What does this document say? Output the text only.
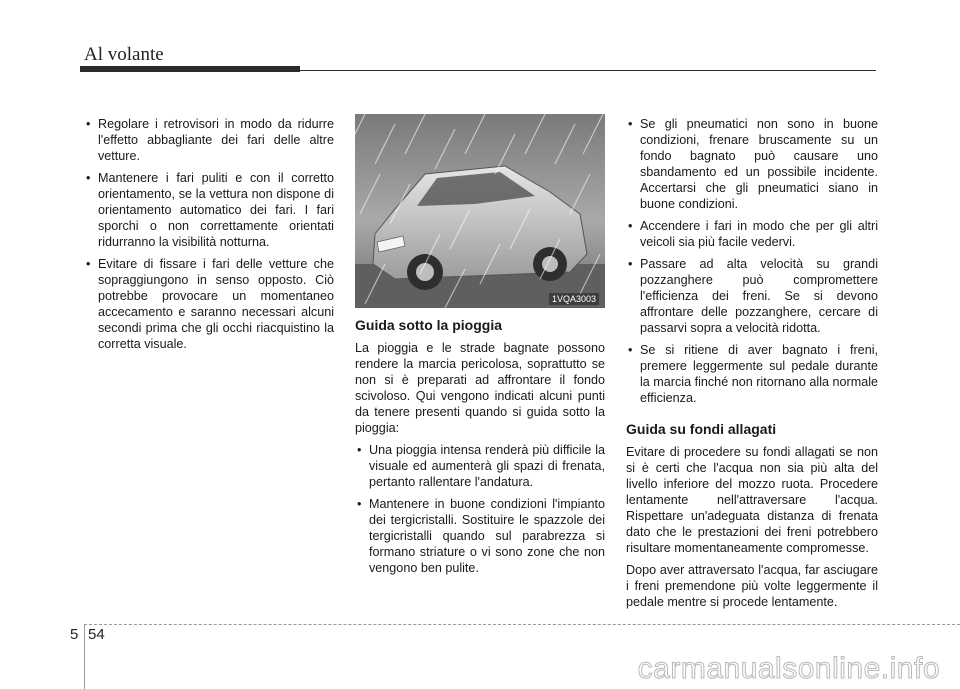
Al volante
• Regolare i retrovisori in modo da ridurre l'effetto abbagliante dei fari delle altre vetture.
• Mantenere i fari puliti e con il corretto orientamento, se la vettura non dispone di orientamento automatico dei fari. I fari sporchi o non correttamente orientati ridurranno la visibilità notturna.
• Evitare di fissare i fari delle vetture che sopraggiungono in senso opposto. Ciò potrebbe provocare un momentaneo accecamento e saranno necessari alcuni secondi prima che gli occhi riacquistino la corretta visuale.
1VQA3003
Guida sotto la pioggia
La pioggia e le strade bagnate possono rendere la marcia pericolosa, soprattutto se non si è preparati ad affrontare il fondo scivoloso. Qui vengono indicati alcuni punti da tenere presenti quando si guida sotto la pioggia:
• Una pioggia intensa renderà più difficile la visuale ed aumenterà gli spazi di frenata, pertanto rallentare l'andatura.
• Mantenere in buone condizioni l'impianto dei tergicristalli. Sostituire le spazzole dei tergicristalli quando sul parabrezza si formano striature o vi sono zone che non vengono ben pulite.
• Se gli pneumatici non sono in buone condizioni, frenare bruscamente su un fondo bagnato può causare uno sbandamento ed un possibile incidente. Accertarsi che gli pneumatici siano in buone condizioni.
• Accendere i fari in modo che per gli altri veicoli sia più facile vedervi.
• Passare ad alta velocità su grandi pozzanghere può compromettere l'efficienza dei freni. Se si devono affrontare delle pozzanghere, cercare di passarvi sopra a velocità ridotta.
• Se si ritiene di aver bagnato i freni, premere leggermente sul pedale durante la marcia finché non ritornano alla normale efficienza.
Guida su fondi allagati
Evitare di procedere su fondi allagati se non si è certi che l'acqua non sia più alta del livello inferiore del mozzo ruota. Procedere lentamente nell'attraversare l'acqua. Rispettare un'adeguata distanza di frenata dato che le prestazioni dei freni potrebbero risultare momentaneamente compromesse.
Dopo aver attraversato l'acqua, far asciugare i freni premendone più volte leggermente il pedale mentre si procede lentamente.
5 54
carmanualsonline.info
